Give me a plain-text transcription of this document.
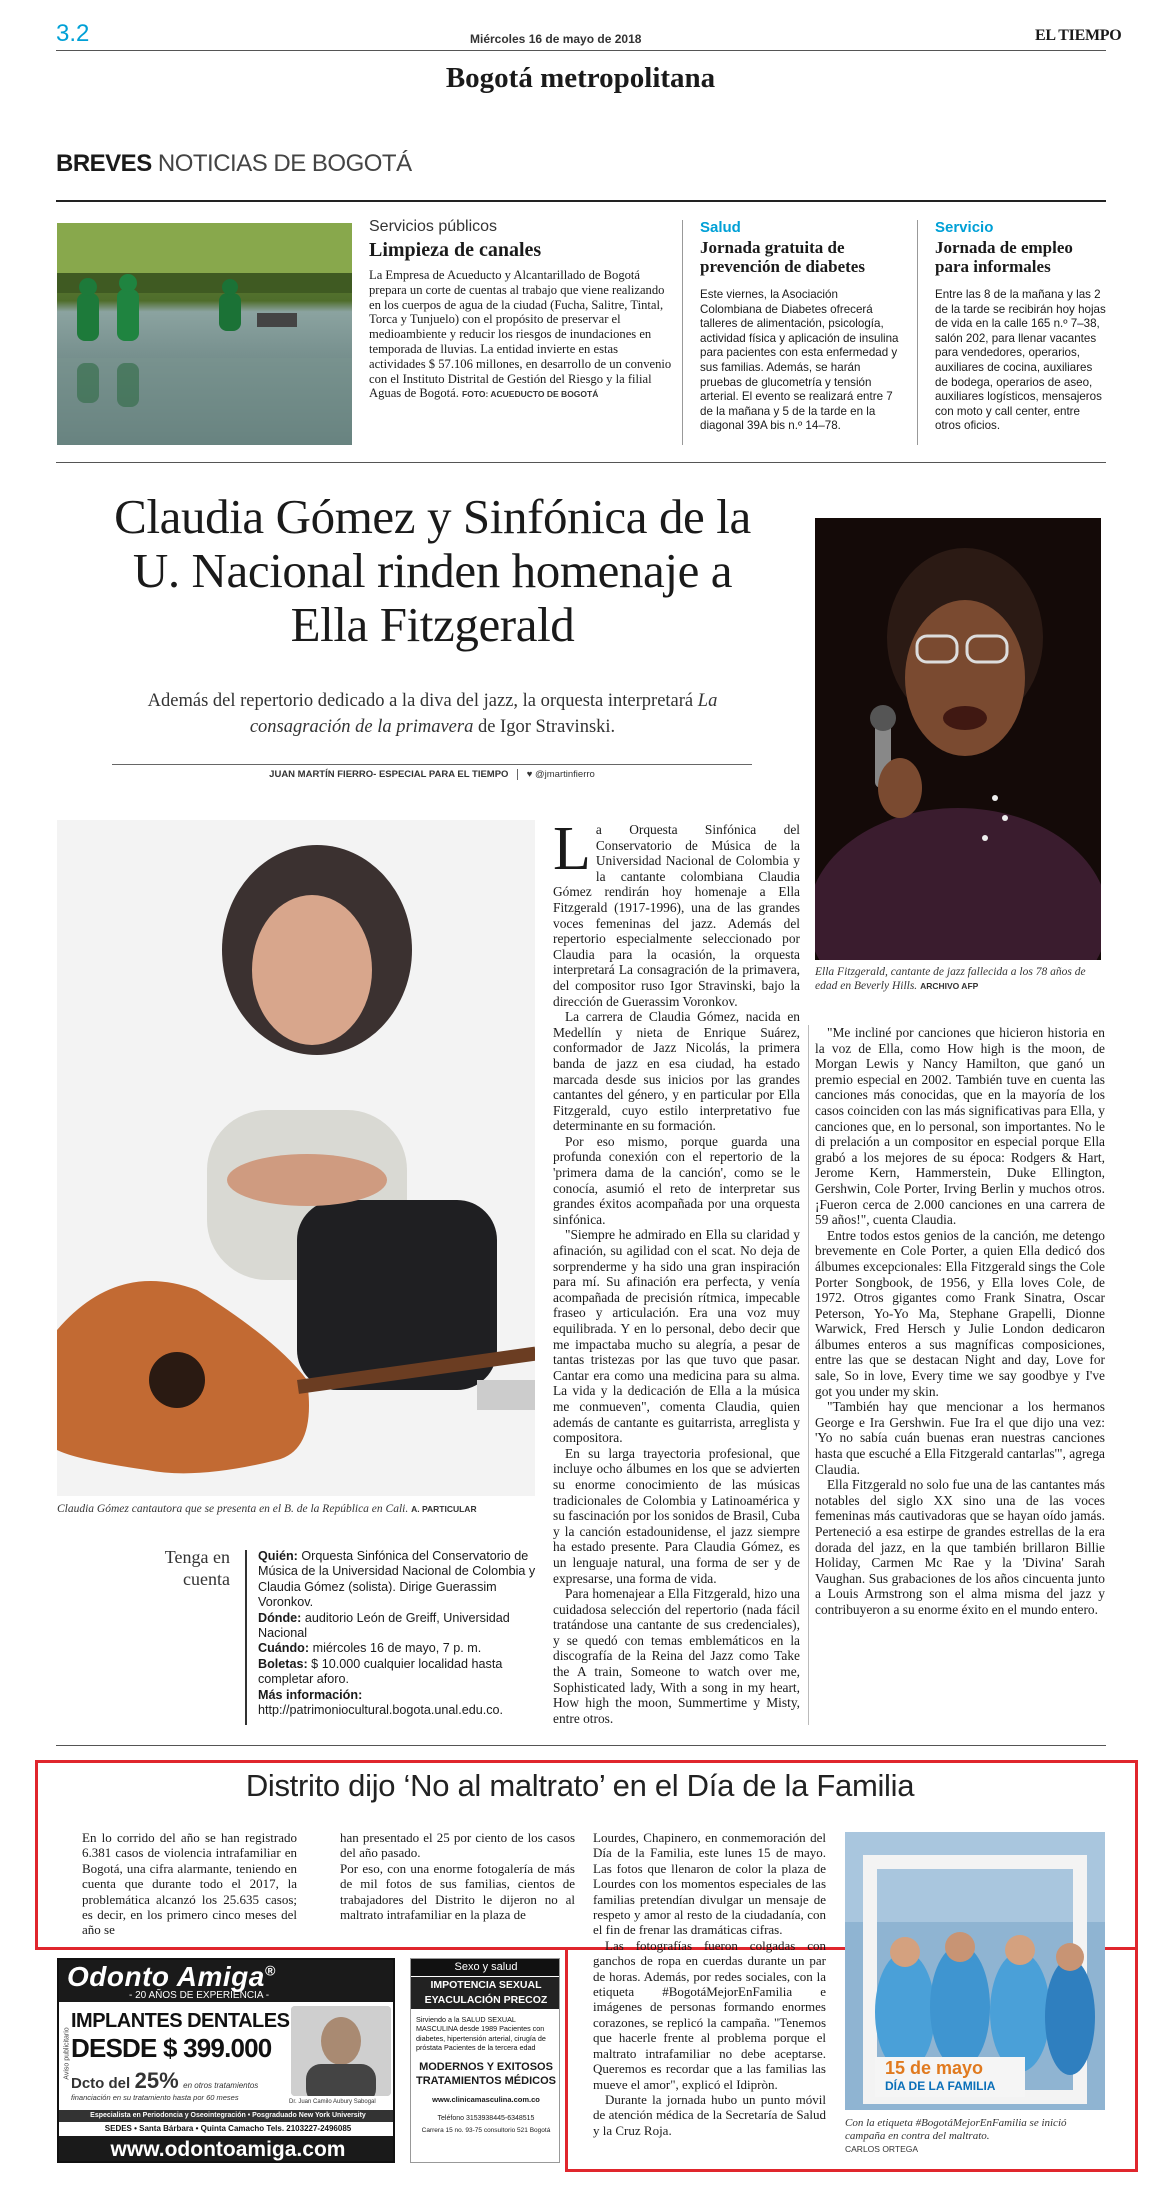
3.2	Miércoles 16 de mayo de 2018	EL TIEMPO
Bogotá metropolitana
BREVES NOTICIAS DE BOGOTÁ
Servicios públicos
Limpieza de canales

La Empresa de Acueducto y Alcantarillado de Bogotá prepara un corte de cuentas al trabajo que viene realizando en los cuerpos de agua de la ciudad (Fucha, Salitre, Tintal, Torca y Tunjuelo) con el propósito de preservar el medioambiente y reducir los riesgos de inundaciones en temporada de lluvias. La entidad invierte en estas actividades $ 57.106 millones, en desarrollo de un convenio con el Instituto Distrital de Gestión del Riesgo y la filial Aguas de Bogotá. FOTO: ACUEDUCTO DE BOGOTÁ

Salud
Jornada gratuita de prevención de diabetes
Este viernes, la Asociación Colombiana de Diabetes ofrecerá talleres de alimentación, psicología, actividad física y aplicación de insulina para pacientes con esta enfermedad y sus familias. Además, se harán pruebas de glucometría y tensión arterial. El evento se realizará entre 7 de la mañana y 5 de la tarde en la diagonal 39A bis n.º 14–78.
Servicio
Jornada de empleo para informales
Entre las 8 de la mañana y las 2 de la tarde se recibirán hoy hojas de vida en la calle 165 n.º 7–38, salón 202, para llenar vacantes para vendedores, operarios, auxiliares de cocina, auxiliares de bodega, operarios de aseo, auxiliares logísticos, mensajeros con moto y call center, entre otros oficios.
Claudia Gómez y Sinfónica de la U. Nacional rinden homenaje a Ella Fitzgerald
Además del repertorio dedicado a la diva del jazz, la orquesta interpretará La consagración de la primavera de Igor Stravinski.
JUAN MARTÍN FIERRO- ESPECIAL PARA EL TIEMPO ♥ @jmartinfierro
Ella Fitzgerald, cantante de jazz fallecida a los 78 años de edad en Beverly Hills. ARCHIVO AFP
Claudia Gómez cantautora que se presenta en el B. de la República en Cali. A. PARTICULAR
Tenga en cuenta
Quién: Orquesta Sinfónica del Conservatorio de Música de la Universidad Nacional de Colombia y Claudia Gómez (solista). Dirige Guerassim Voronkov.
Dónde: auditorio León de Greiff, Universidad Nacional
Cuándo: miércoles 16 de mayo, 7 p. m.
Boletas: $ 10.000 cualquier localidad hasta completar aforo.
Más información: http://patrimoniocultural.bogota.unal.edu.co.
L a Orquesta Sinfónica del Conservatorio de Música de la Universidad Nacional de Colombia y la cantante colombiana Claudia Gómez rendirán hoy homenaje a Ella Fitzgerald (1917-1996), una de las grandes voces femeninas del jazz. Además del repertorio especialmente seleccionado por Claudia para la ocasión, la orquesta interpretará La consagración de la primavera, del compositor ruso Igor Stravinski, bajo la dirección de Guerassim Voronkov.

La carrera de Claudia Gómez, nacida en Medellín y nieta de Enrique Suárez, conformador de Jazz Nicolás, la primera banda de jazz en esa ciudad, ha estado marcada desde sus inicios por las grandes cantantes del género, y en particular por Ella Fitzgerald, cuyo estilo interpretativo fue determinante en su formación.

Por eso mismo, porque guarda una profunda conexión con el repertorio de la 'primera dama de la canción', como se le conocía, asumió el reto de interpretar sus grandes éxitos acompañada por una orquesta sinfónica.

"Siempre he admirado en Ella su claridad y afinación, su agilidad con el scat. No deja de sorprenderme y ha sido una gran inspiración para mí. Su afinación era perfecta, y venía acompañada de precisión rítmica, impecable fraseo y articulación. Era una voz muy equilibrada. Y en lo personal, debo decir que me impactaba mucho su alegría, a pesar de tantas tristezas por las que tuvo que pasar. Cantar era como una medicina para su alma. La vida y la dedicación de Ella a la música me conmueven", comenta Claudia, quien además de cantante es guitarrista, arreglista y compositora.

En su larga trayectoria profesional, que incluye ocho álbumes en los que se advierten su enorme conocimiento de las músicas tradicionales de Colombia y Latinoamérica y su fascinación por los sonidos de Brasil, Cuba y la canción estadounidense, el jazz siempre ha estado presente. Para Claudia Gómez, es un lenguaje natural, una forma de ser y de expresarse, una forma de vida.

Para homenajear a Ella Fitzgerald, hizo una cuidadosa selección del repertorio (nada fácil tratándose una cantante de sus credenciales), y se quedó con temas emblemáticos en la discografía de la Reina del Jazz como Take the A train, Someone to watch over me, Sophisticated lady, With a song in my heart, How high the moon, Summertime y Misty, entre otros.

"Me incliné por canciones que hicieron historia en la voz de Ella, como How high is the moon, de Morgan Lewis y Nancy Hamilton, que ganó un premio especial en 2002. También tuve en cuenta las canciones más conocidas, que en la mayoría de los casos coinciden con las más significativas para Ella, y canciones que, en lo personal, son importantes. No le di prelación a un compositor en especial porque Ella grabó a los mejores de su época: Rodgers & Hart, Jerome Kern, Hammerstein, Duke Ellington, Gershwin, Cole Porter, Irving Berlin y muchos otros. ¡Fueron cerca de 2.000 canciones en una carrera de 59 años!", cuenta Claudia.

Entre todos estos genios de la canción, me detengo brevemente en Cole Porter, a quien Ella dedicó dos álbumes excepcionales: Ella Fitzgerald sings the Cole Porter Songbook, de 1956, y Ella loves Cole, de 1972. Otros gigantes como Frank Sinatra, Oscar Peterson, Yo-Yo Ma, Stephane Grapelli, Dionne Warwick, Fred Hersch y Julie London dedicaron álbumes enteros a sus magníficas composiciones, entre las que se destacan Night and day, Love for sale, So in love, Every time we say goodbye y I've got you under my skin.

"También hay que mencionar a los hermanos George e Ira Gershwin. Fue Ira el que dijo una vez: 'Yo no sabía cuán buenas eran nuestras canciones hasta que escuché a Ella Fitzgerald cantarlas'", agrega Claudia.

Ella Fitzgerald no solo fue una de las cantantes más notables del siglo XX sino una de las voces femeninas más cautivadoras que se hayan oído jamás. Perteneció a esa estirpe de grandes estrellas de la era dorada del jazz, en la que también brillaron Billie Holiday, Carmen Mc Rae y la 'Divina' Sarah Vaughan. Sus grabaciones de los años cincuenta junto a Louis Armstrong son el alma misma del jazz y contribuyeron a su enorme éxito en el mundo entero.

Distrito dijo ‘No al maltrato’ en el Día de la Familia

En lo corrido del año se han registrado 6.381 casos de violencia intrafamiliar en Bogotá, una cifra alarmante, teniendo en cuenta que durante todo el 2017, la problemática alcanzó los 25.635 casos; es decir, en los primero cinco meses del año se

han presentado el 25 por ciento de los casos del año pasado.
Por eso, con una enorme fotogalería de más de mil fotos de sus familias, cientos de trabajadores del Distrito le dijeron no al maltrato intrafamiliar en la plaza de

Lourdes, Chapinero, en conmemoración del Día de la Familia, este lunes 15 de mayo. Las fotos que llenaron de color la plaza de Lourdes con los momentos especiales de las familias pretendían divulgar un mensaje de respeto y amor al resto de la ciudadanía, con el fin de frenar las dramáticas cifras.

Las fotografías fueron colgadas con ganchos de ropa en cuerdas durante un par de horas. Además, por redes sociales, con la etiqueta #BogotáMejorEnFamilia e imágenes de personas formando enormes corazones, se replicó la campaña. "Tenemos que hacerle frente al problema porque el maltrato intrafamiliar no debe aceptarse. Queremos es recordar que a las familias las mueve el amor", explicó el Idipròn.

Durante la jornada hubo un punto móvil de atención médica de la Secretaría de Salud y la Cruz Roja.

15 de mayo
DÍA DE LA FAMILIA
Con la etiqueta #BogotáMejorEnFamilia se inició campaña en contra del maltrato.
CARLOS ORTEGA
Odonto Amiga®
- 20 AÑOS DE EXPERIENCIA -
Aviso publicitario
IMPLANTES DENTALES
DESDE $ 399.000
Dcto del 25% en otros tratamientos
financiación en su tratamiento hasta por 60 meses	Dr. Juan Camilo Aubury Sabogal
Especialista en Periodoncia y Oseointegración • Posgraduado New York University
SEDES • Santa Bárbara • Quinta Camacho Tels. 2103227-2496085
www.odontoamiga.com
Sexo y salud
IMPOTENCIA SEXUAL
EYACULACIÓN PRECOZ
Sirviendo a la SALUD SEXUAL MASCULINA desde 1989 Pacientes con diabetes, hipertensión arterial, cirugía de próstata Pacientes de la tercera edad
MODERNOS Y EXITOSOS
TRATAMIENTOS MÉDICOS
www.clinicamasculina.com.co
Teléfono 3153938445-6348515
Carrera 15 no. 93-75 consultorio 521 Bogotá
